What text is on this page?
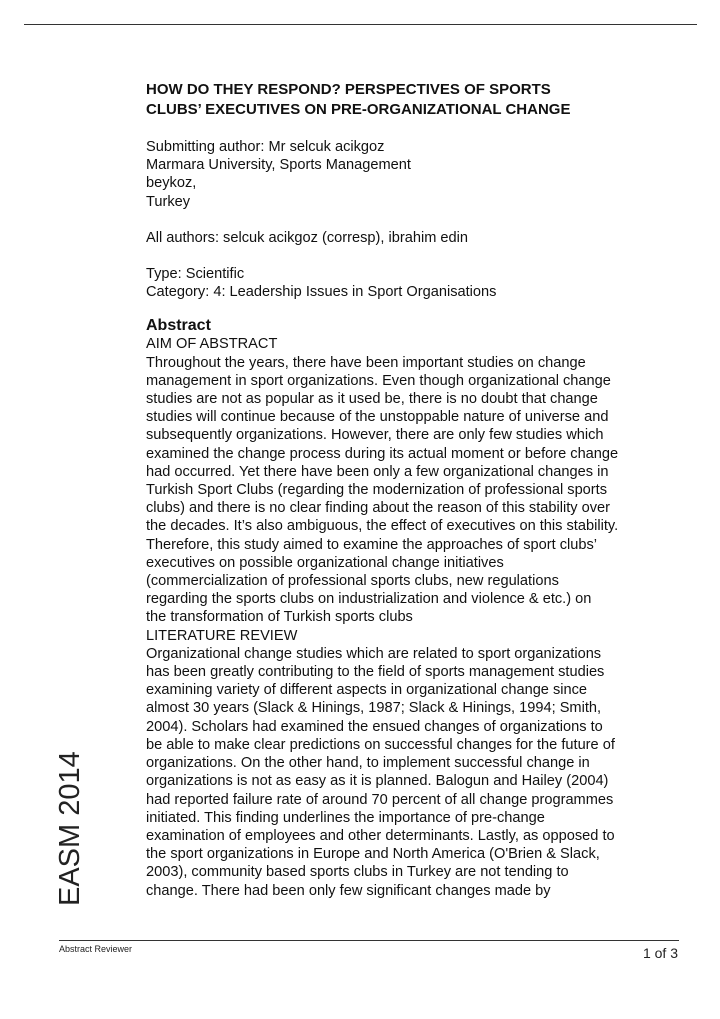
HOW DO THEY RESPOND? PERSPECTIVES OF SPORTS
CLUBS’ EXECUTIVES ON PRE-ORGANIZATIONAL CHANGE
Submitting author: Mr selcuk acikgoz
Marmara University, Sports Management
beykoz,
Turkey
All authors: selcuk acikgoz (corresp), ibrahim edin
Type: Scientific
Category: 4: Leadership Issues in Sport Organisations
Abstract
AIM OF ABSTRACT
Throughout the years, there have been important studies on change
management in sport organizations. Even though organizational change
studies are not as popular as it used be, there is no doubt that change
studies will continue because of the unstoppable nature of universe and
subsequently organizations. However, there are only few studies which
examined the change process during its actual moment or before change
had occurred. Yet there have been only a few organizational changes in
Turkish Sport Clubs (regarding the modernization of professional sports
clubs) and there is no clear finding about the reason of this stability over
the decades. It’s also ambiguous, the effect of executives on this stability.
Therefore, this study aimed to examine the approaches of sport clubs’
executives on possible organizational change initiatives
(commercialization of professional sports clubs, new regulations
regarding the sports clubs on industrialization and violence & etc.) on
the transformation of Turkish sports clubs
LITERATURE REVIEW
Organizational change studies which are related to sport organizations
has been greatly contributing to the field of sports management studies
examining variety of different aspects in organizational change since
almost 30 years (Slack & Hinings, 1987; Slack & Hinings, 1994; Smith,
2004). Scholars had examined the ensued changes of organizations to
be able to make clear predictions on successful changes for the future of
organizations. On the other hand, to implement successful change in
organizations is not as easy as it is planned. Balogun and Hailey (2004)
had reported failure rate of around 70 percent of all change programmes
initiated. This finding underlines the importance of pre-change
examination of employees and other determinants. Lastly, as opposed to
the sport organizations in Europe and North America (O'Brien & Slack,
2003), community based sports clubs in Turkey are not tending to
change. There had been only few significant changes made by
EASM 2014
Abstract Reviewer	1 of 3
